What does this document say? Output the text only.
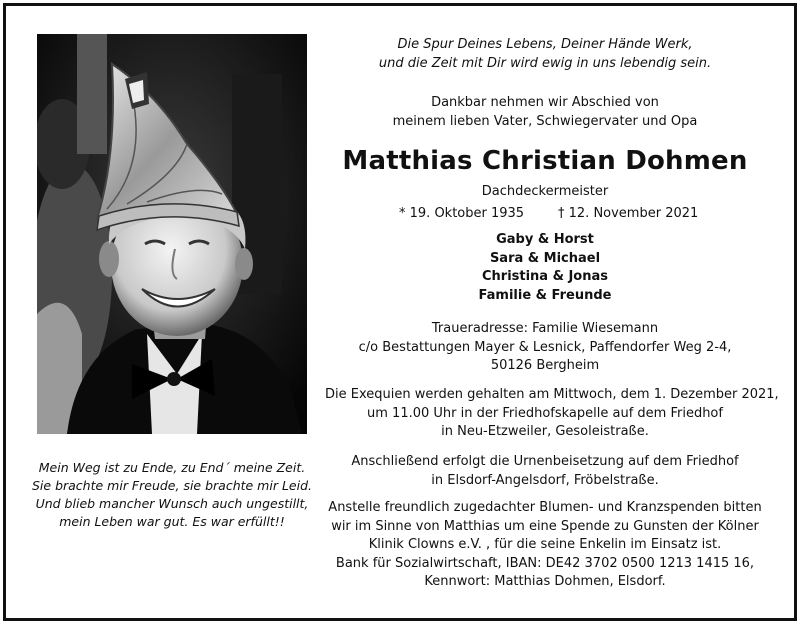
Mein Weg ist zu Ende, zu End´ meine Zeit.
Sie brachte mir Freude, sie brachte mir Leid.
Und blieb mancher Wunsch auch ungestillt,
mein Leben war gut. Es war erfüllt!!
Die Spur Deines Lebens, Deiner Hände Werk,
und die Zeit mit Dir wird ewig in uns lebendig sein.
Dankbar nehmen wir Abschied von
meinem lieben Vater, Schwiegervater und Opa
Matthias Christian Dohmen
Dachdeckermeister
* 19. Oktober 1935	† 12. November 2021
Gaby & Horst
Sara & Michael
Christina & Jonas
Familie & Freunde
Traueradresse: Familie Wiesemann
c/o Bestattungen Mayer & Lesnick, Paffendorfer Weg 2-4,
50126 Bergheim
Die Exequien werden gehalten am Mittwoch, dem 1. Dezember 2021,
um 11.00 Uhr in der Friedhofskapelle auf dem Friedhof
in Neu-Etzweiler, Gesoleistraße.
Anschließend erfolgt die Urnenbeisetzung auf dem Friedhof
in Elsdorf-Angelsdorf, Fröbelstraße.
Anstelle freundlich zugedachter Blumen- und Kranzspenden bitten
wir im Sinne von Matthias um eine Spende zu Gunsten der Kölner
Klinik Clowns e.V. , für die seine Enkelin im Einsatz ist.
Bank für Sozialwirtschaft, IBAN: DE42 3702 0500 1213 1415 16,
Kennwort: Matthias Dohmen, Elsdorf.
